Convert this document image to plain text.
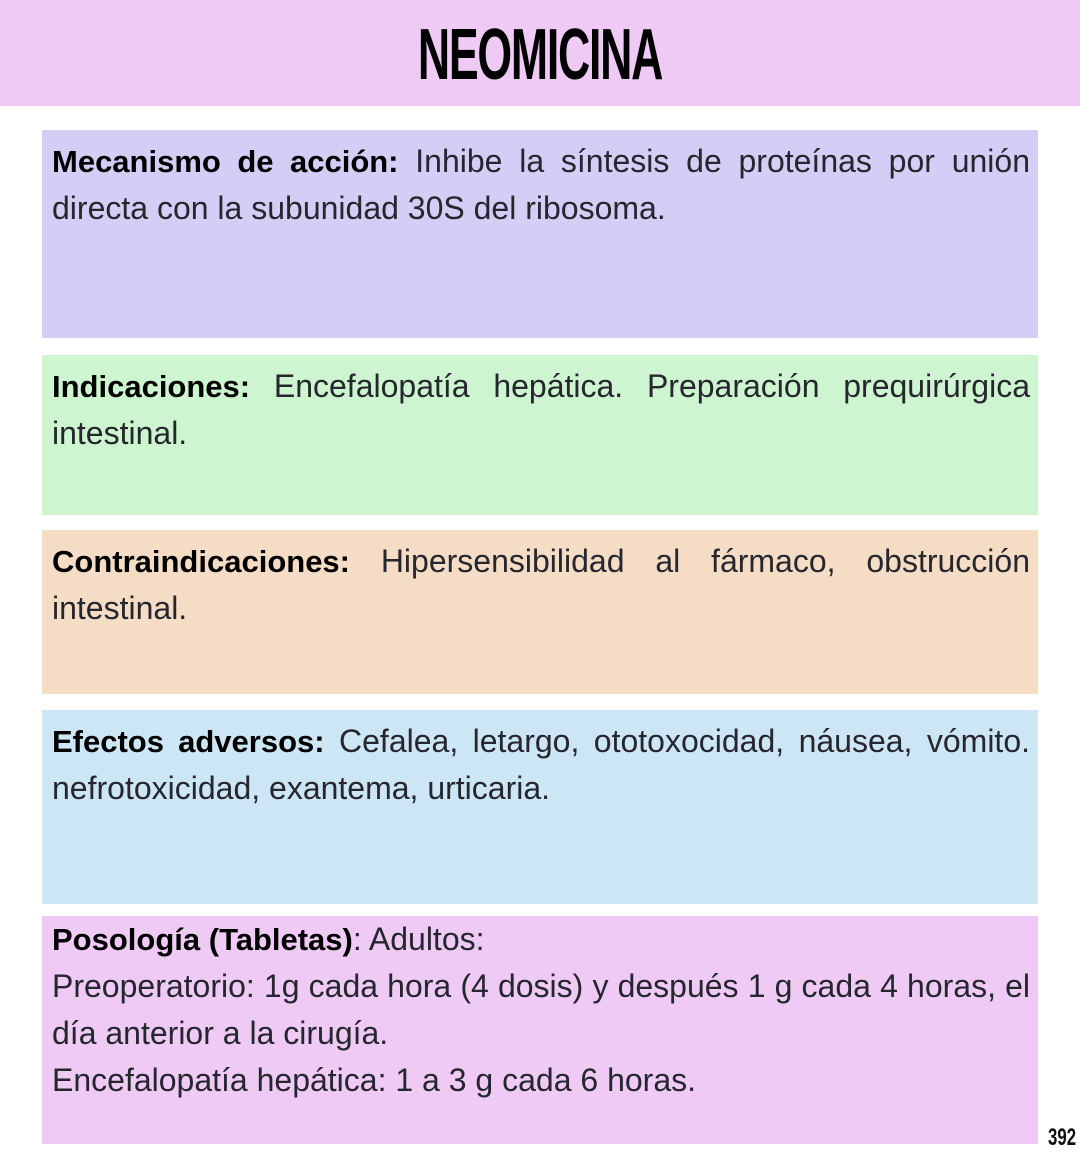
NEOMICINA
Mecanismo de acción: Inhibe la síntesis de proteínas por unión directa con la subunidad 30S del ribosoma.
Indicaciones: Encefalopatía hepática. Preparación prequirúrgica intestinal.
Contraindicaciones: Hipersensibilidad al fármaco, obstrucción intestinal.
Efectos adversos: Cefalea, letargo, ototoxocidad, náusea, vómito. nefrotoxicidad, exantema, urticaria.
Posología (Tabletas): Adultos:
Preoperatorio: 1g cada hora (4 dosis) y después 1 g cada 4 horas, el día anterior a la cirugía.
Encefalopatía hepática: 1 a 3 g cada 6 horas.
392
